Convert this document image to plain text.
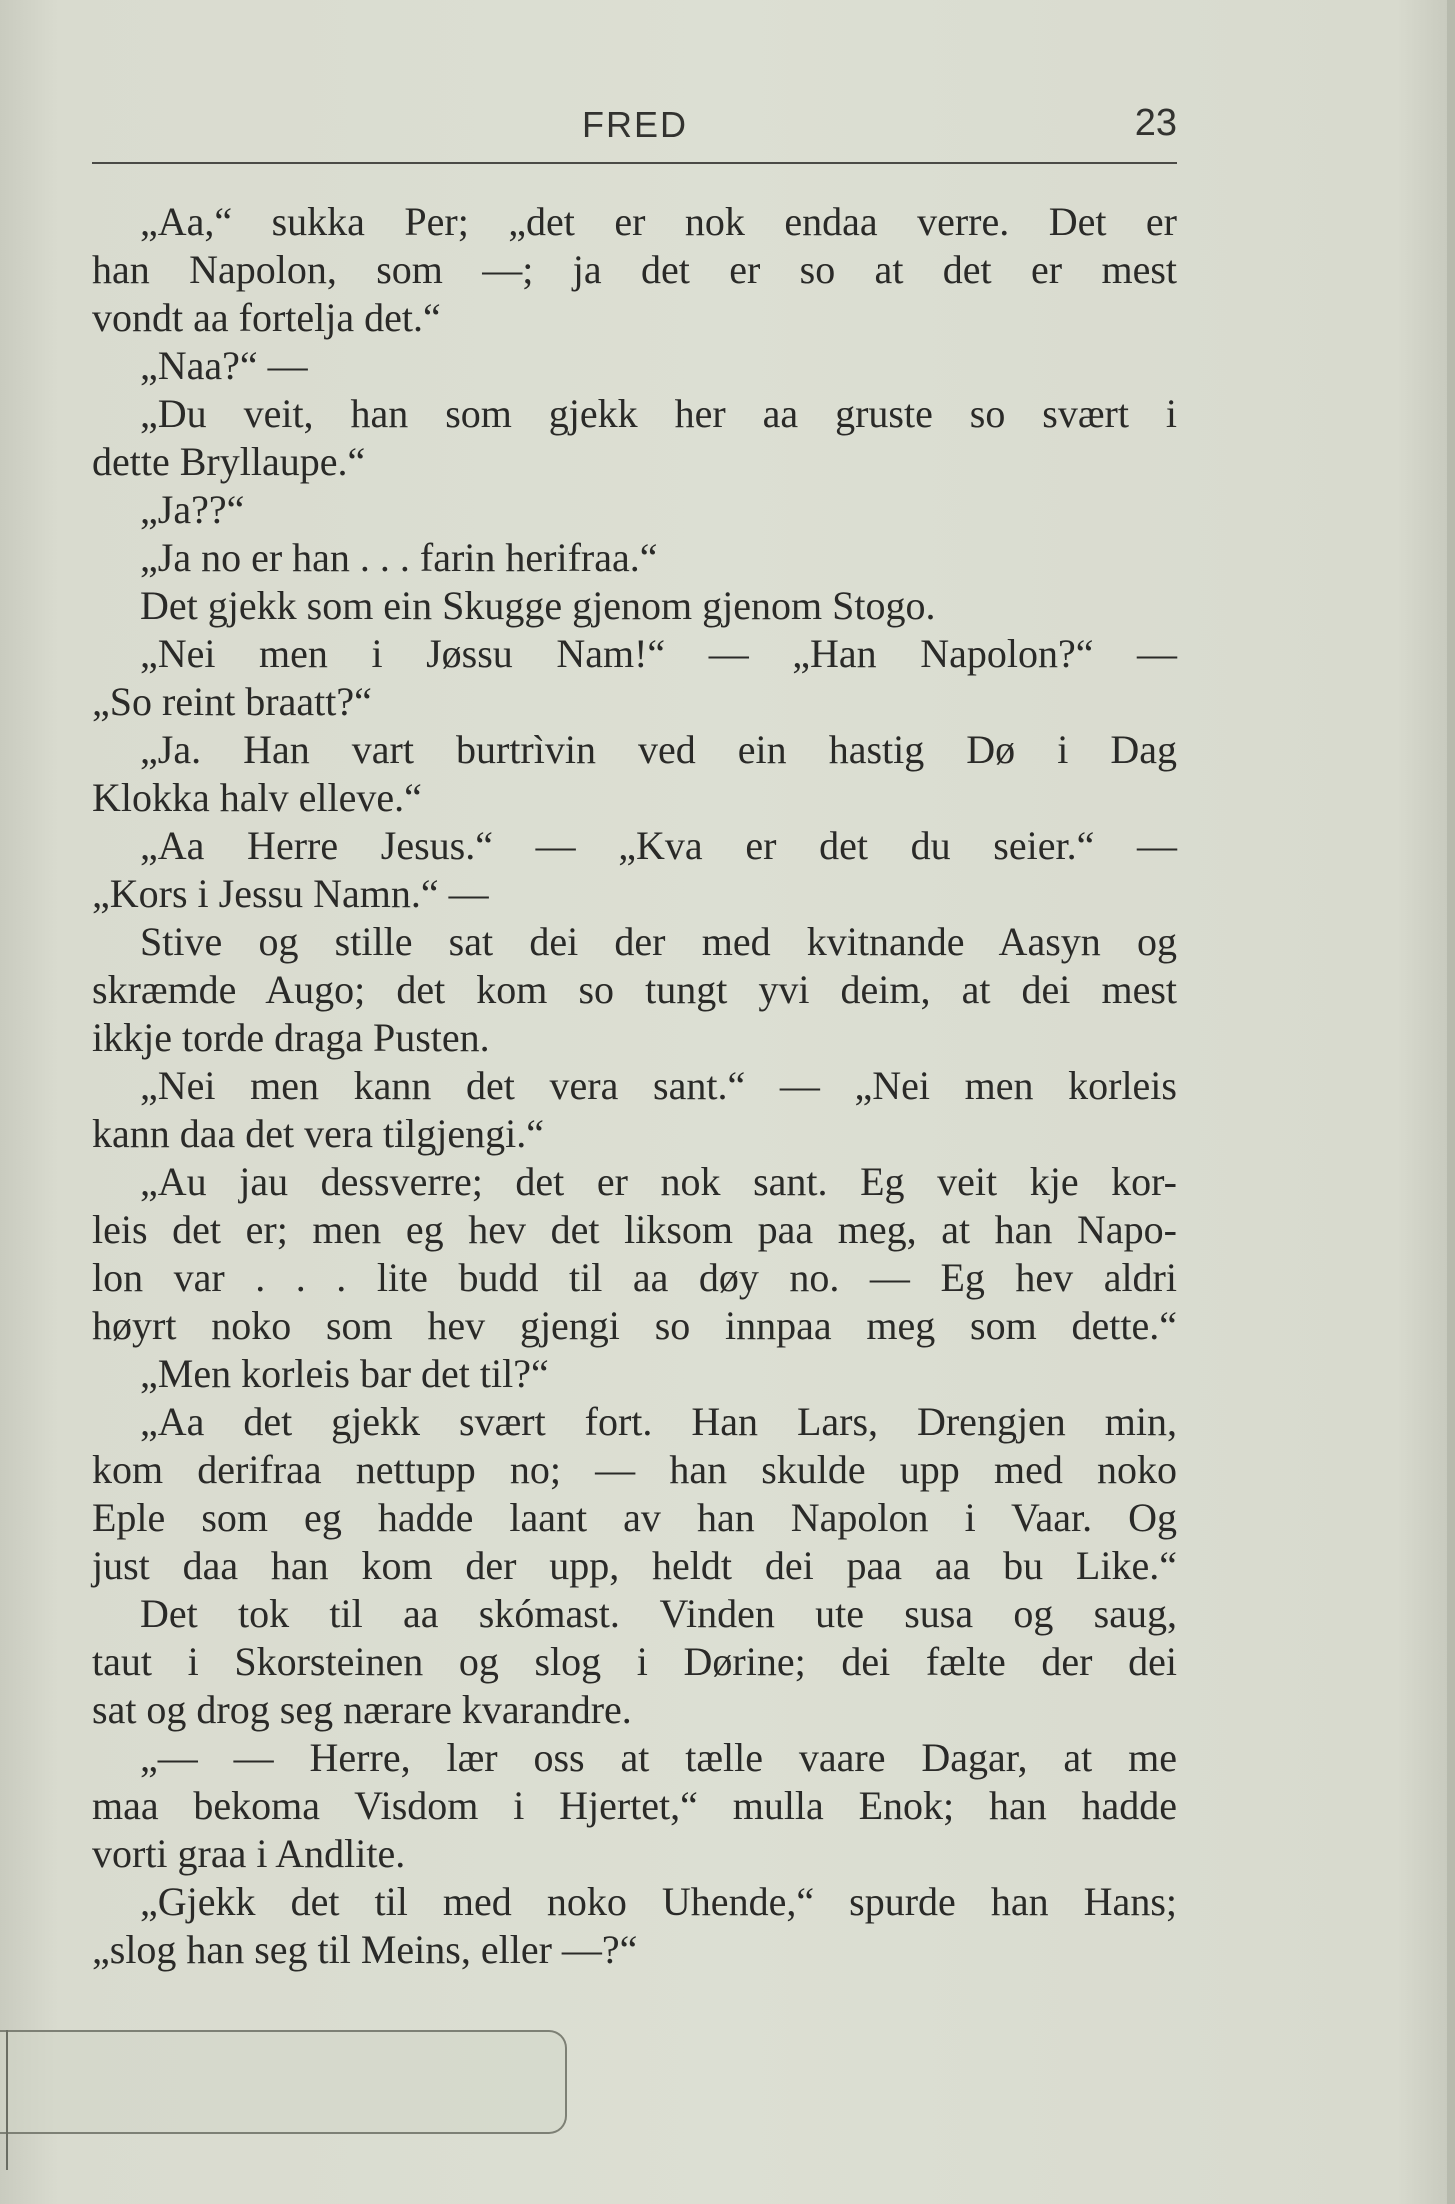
FRED	23
„Aa,“ sukka Per; „det er nok endaa verre. Det er
han Napolon, som —; ja det er so at det er mest
vondt aa fortelja det.“
„Naa?“ —
„Du veit, han som gjekk her aa gruste so svært i
dette Bryllaupe.“
„Ja??“
„Ja no er han . . . farin herifraa.“
Det gjekk som ein Skugge gjenom gjenom Stogo.
„Nei men i Jøssu Nam!“ — „Han Napolon?“ —
„So reint braatt?“
„Ja. Han vart burtrìvin ved ein hastig Dø i Dag
Klokka halv elleve.“
„Aa Herre Jesus.“ — „Kva er det du seier.“ —
„Kors i Jessu Namn.“ —
Stive og stille sat dei der med kvitnande Aasyn og
skræmde Augo; det kom so tungt yvi deim, at dei mest
ikkje torde draga Pusten.
„Nei men kann det vera sant.“ — „Nei men korleis
kann daa det vera tilgjengi.“
„Au jau dessverre; det er nok sant. Eg veit kje kor-
leis det er; men eg hev det liksom paa meg, at han Napo-
lon var . . . lite budd til aa døy no. — Eg hev aldri
høyrt noko som hev gjengi so innpaa meg som dette.“
„Men korleis bar det til?“
„Aa det gjekk svært fort. Han Lars, Drengjen min,
kom derifraa nettupp no; — han skulde upp med noko
Eple som eg hadde laant av han Napolon i Vaar. Og
just daa han kom der upp, heldt dei paa aa bu Like.“
Det tok til aa skómast. Vinden ute susa og saug,
taut i Skorsteinen og slog i Dørine; dei fælte der dei
sat og drog seg nærare kvarandre.
„— — Herre, lær oss at tælle vaare Dagar, at me
maa bekoma Visdom i Hjertet,“ mulla Enok; han hadde
vorti graa i Andlite.
„Gjekk det til med noko Uhende,“ spurde han Hans;
„slog han seg til Meins, eller —?“
